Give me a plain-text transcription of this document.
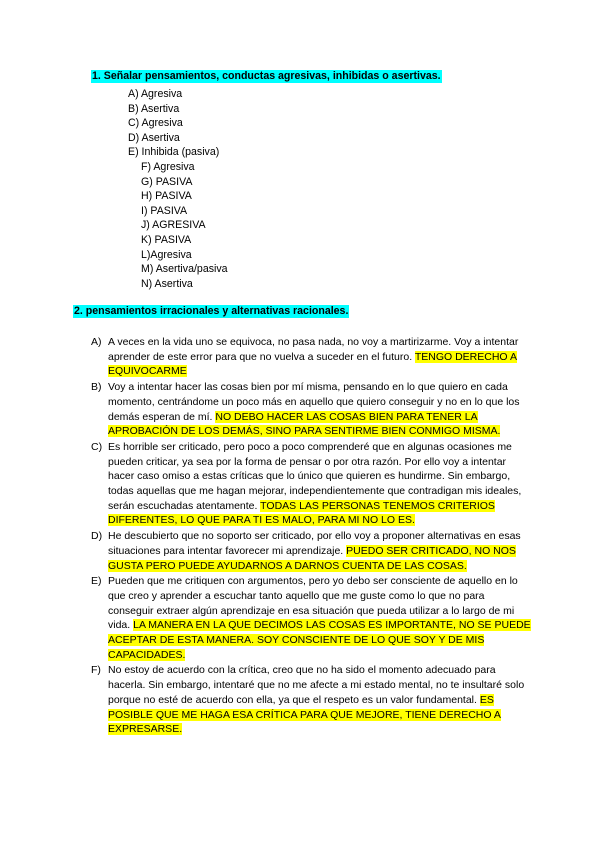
1. Señalar pensamientos, conductas agresivas, inhibidas o asertivas.
A) Agresiva
B) Asertiva
C) Agresiva
D) Asertiva
E) Inhibida (pasiva)
F) Agresiva
G) PASIVA
H) PASIVA
I) PASIVA
J) AGRESIVA
K) PASIVA
L)Agresiva
M) Asertiva/pasiva
N) Asertiva
2. pensamientos irracionales y alternativas racionales.
A) A veces en la vida uno se equivoca, no pasa nada, no voy a martirizarme. Voy a intentar aprender de este error para que no vuelva a suceder en el futuro. TENGO DERECHO A EQUIVOCARME
B) Voy a intentar hacer las cosas bien por mí misma, pensando en lo que quiero en cada momento, centrándome un poco más en aquello que quiero conseguir y no en lo que los demás esperan de mí. NO DEBO HACER LAS COSAS BIEN PARA TENER LA APROBACIÓN DE LOS DEMÁS, SINO PARA SENTIRME BIEN CONMIGO MISMA.
C) Es horrible ser criticado, pero poco a poco comprenderé que en algunas ocasiones me pueden criticar, ya sea por la forma de pensar o por otra razón. Por ello voy a intentar hacer caso omiso a estas críticas que lo único que quieren es hundirme. Sin embargo, todas aquellas que me hagan mejorar, independientemente que contradigan mis ideales, serán escuchadas atentamente. TODAS LAS PERSONAS TENEMOS CRITERIOS DIFERENTES, LO QUE PARA TI ES MALO, PARA MI NO LO ES.
D) He descubierto que no soporto ser criticado, por ello voy a proponer alternativas en esas situaciones para intentar favorecer mi aprendizaje. PUEDO SER CRITICADO, NO NOS GUSTA PERO PUEDE AYUDARNOS A DARNOS CUENTA DE LAS COSAS.
E) Pueden que me critiquen con argumentos, pero yo debo ser consciente de aquello en lo que creo y aprender a escuchar tanto aquello que me guste como lo que no para conseguir extraer algún aprendizaje en esa situación que pueda utilizar a lo largo de mi vida. LA MANERA EN LA QUE DECIMOS LAS COSAS ES IMPORTANTE, NO SE PUEDE ACEPTAR DE ESTA MANERA. SOY CONSCIENTE DE LO QUE SOY Y DE MIS CAPACIDADES.
F) No estoy de acuerdo con la crítica, creo que no ha sido el momento adecuado para hacerla. Sin embargo, intentaré que no me afecte a mi estado mental, no te insultaré solo porque no esté de acuerdo con ella, ya que el respeto es un valor fundamental. ES POSIBLE QUE ME HAGA ESA CRÍTICA PARA QUE MEJORE, TIENE DERECHO A EXPRESARSE.
